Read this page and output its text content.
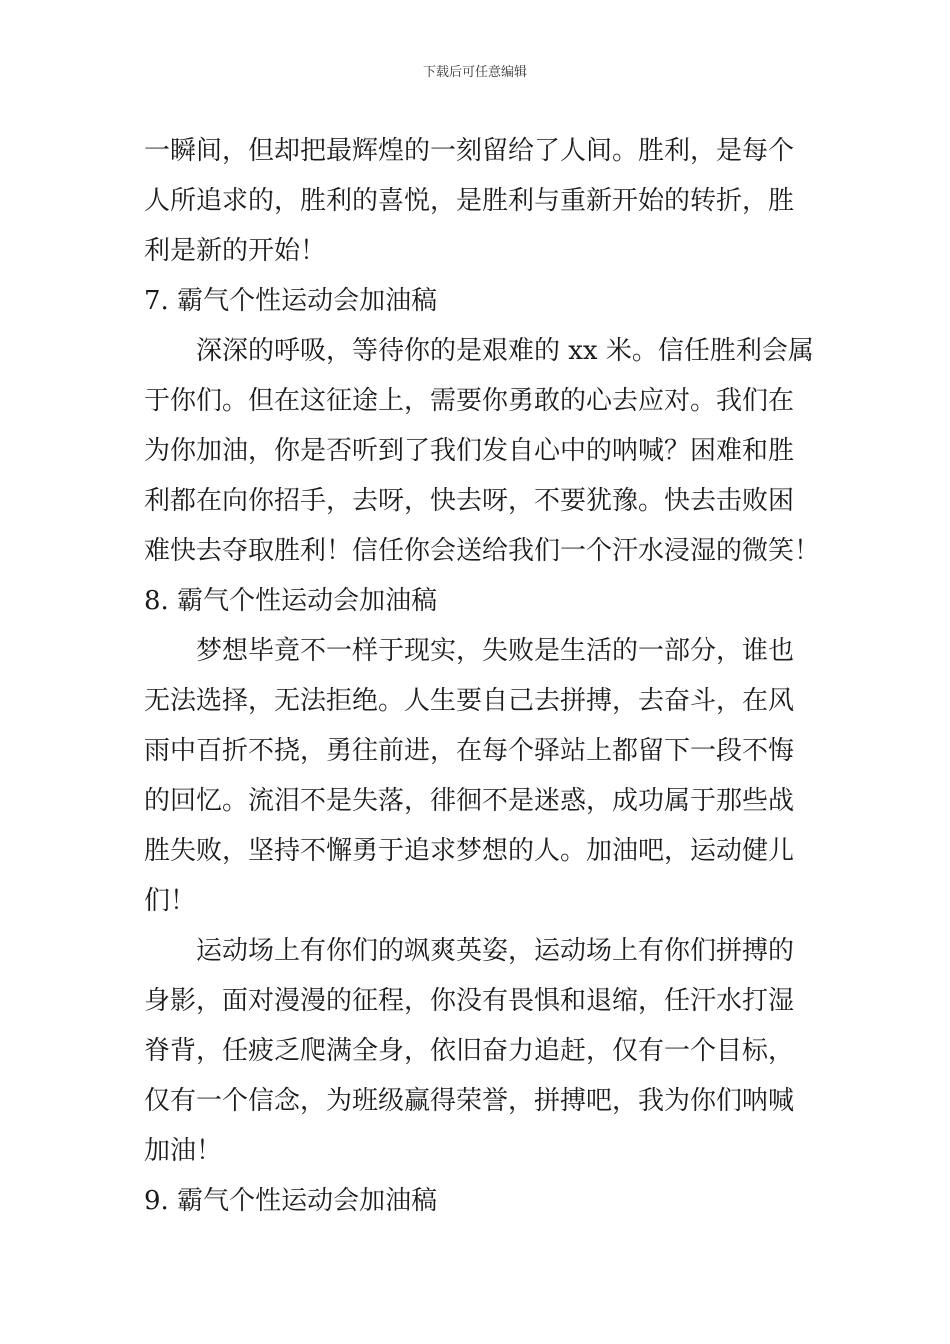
下载后可任意编辑
一瞬间，但却把最辉煌的一刻留给了人间。胜利，是每个
人所追求的，胜利的喜悦，是胜利与重新开始的转折，胜
利是新的开始！
7. 霸气个性运动会加油稿
深深的呼吸，等待你的是艰难的 xx 米。信任胜利会属
于你们。但在这征途上，需要你勇敢的心去应对。我们在
为你加油，你是否听到了我们发自心中的呐喊？困难和胜
利都在向你招手，去呀，快去呀，不要犹豫。快去击败困
难快去夺取胜利！信任你会送给我们一个汗水浸湿的微笑！
8. 霸气个性运动会加油稿
梦想毕竟不一样于现实，失败是生活的一部分，谁也
无法选择，无法拒绝。人生要自己去拼搏，去奋斗，在风
雨中百折不挠，勇往前进，在每个驿站上都留下一段不悔
的回忆。流泪不是失落，徘徊不是迷惑，成功属于那些战
胜失败，坚持不懈勇于追求梦想的人。加油吧，运动健儿
们！
运动场上有你们的飒爽英姿，运动场上有你们拼搏的
身影，面对漫漫的征程，你没有畏惧和退缩，任汗水打湿
脊背，任疲乏爬满全身，依旧奋力追赶，仅有一个目标，
仅有一个信念，为班级赢得荣誉，拼搏吧，我为你们呐喊
加油！
9. 霸气个性运动会加油稿
